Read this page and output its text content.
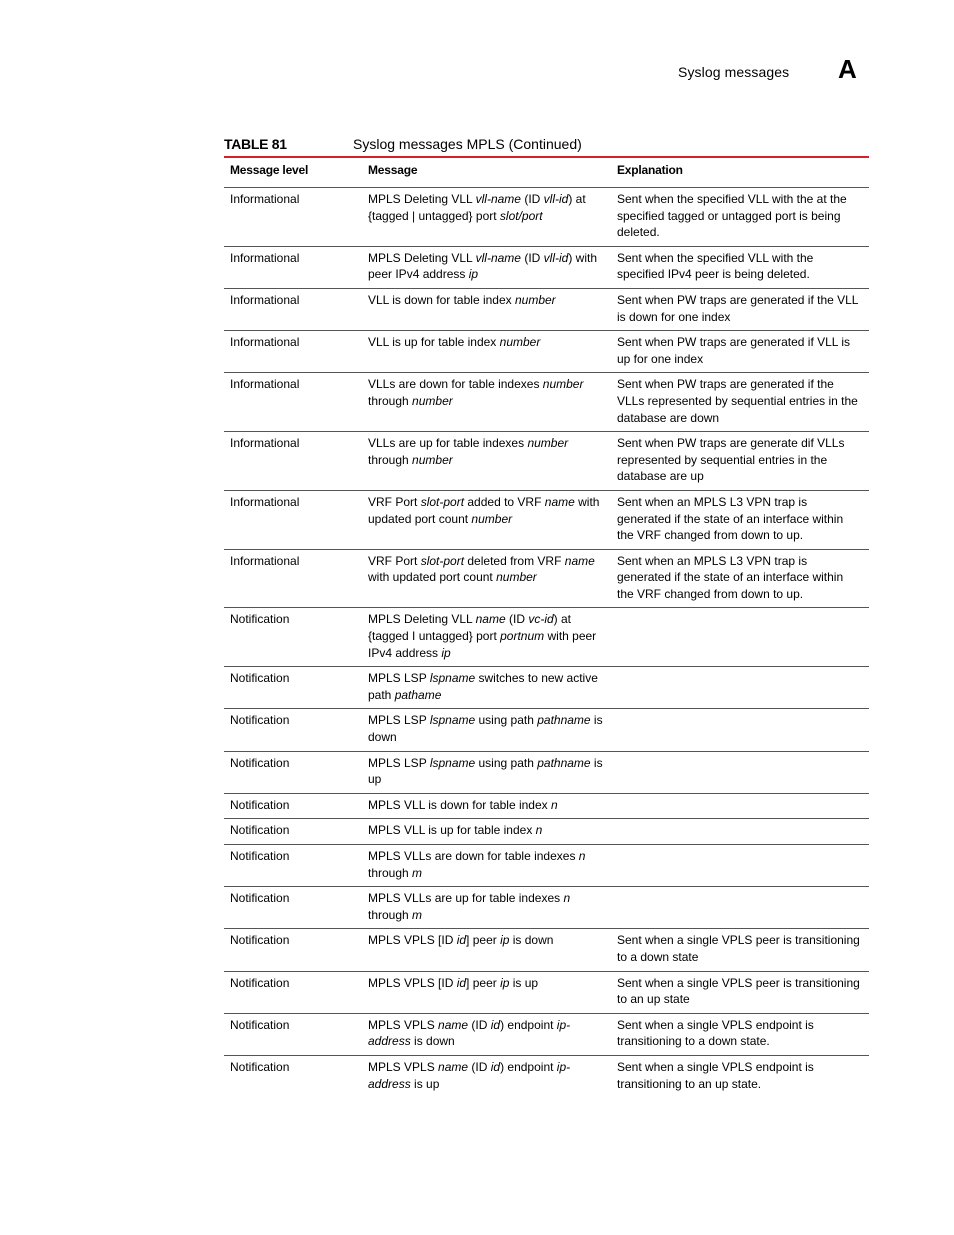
Syslog messages A
TABLE 81	Syslog messages MPLS (Continued)
Message level	Message	Explanation
Informational	MPLS Deleting VLL vll-name (ID vll-id) at {tagged | untagged} port slot/port	Sent when the specified VLL with the at the specified tagged or untagged port is being deleted.
Informational	MPLS Deleting VLL vll-name (ID vll-id) with peer IPv4 address ip	Sent when the specified VLL with the specified IPv4 peer is being deleted.
Informational	VLL is down for table index number	Sent when PW traps are generated if the VLL is down for one index
Informational	VLL is up for table index number	Sent when PW traps are generated if VLL is up for one index
Informational	VLLs are down for table indexes number through number	Sent when PW traps are generated if the VLLs represented by sequential entries in the database are down
Informational	VLLs are up for table indexes number through number	Sent when PW traps are generate dif VLLs represented by sequential entries in the database are up
Informational	VRF Port slot-port added to VRF name with updated port count number	Sent when an MPLS L3 VPN trap is generated if the state of an interface within the VRF changed from down to up.
Informational	VRF Port slot-port deleted from VRF name with updated port count number	Sent when an MPLS L3 VPN trap is generated if the state of an interface within the VRF changed from down to up.
Notification	MPLS Deleting VLL name (ID vc-id) at {tagged I untagged} port portnum with peer IPv4 address ip	
Notification	MPLS LSP lspname switches to new active path pathame	
Notification	MPLS LSP lspname using path pathname is down	
Notification	MPLS LSP lspname using path pathname is up	
Notification	MPLS VLL is down for table index n	
Notification	MPLS VLL is up for table index n	
Notification	MPLS VLLs are down for table indexes n through m	
Notification	MPLS VLLs are up for table indexes n through m	
Notification	MPLS VPLS [ID id] peer ip is down	Sent when a single VPLS peer is transitioning to a down state
Notification	MPLS VPLS [ID id] peer ip is up	Sent when a single VPLS peer is transitioning to an up state
Notification	MPLS VPLS name (ID id) endpoint ip-address is down	Sent when a single VPLS endpoint is transitioning to a down state.
Notification	MPLS VPLS name (ID id) endpoint ip-address is up	Sent when a single VPLS endpoint is transitioning to an up state.
